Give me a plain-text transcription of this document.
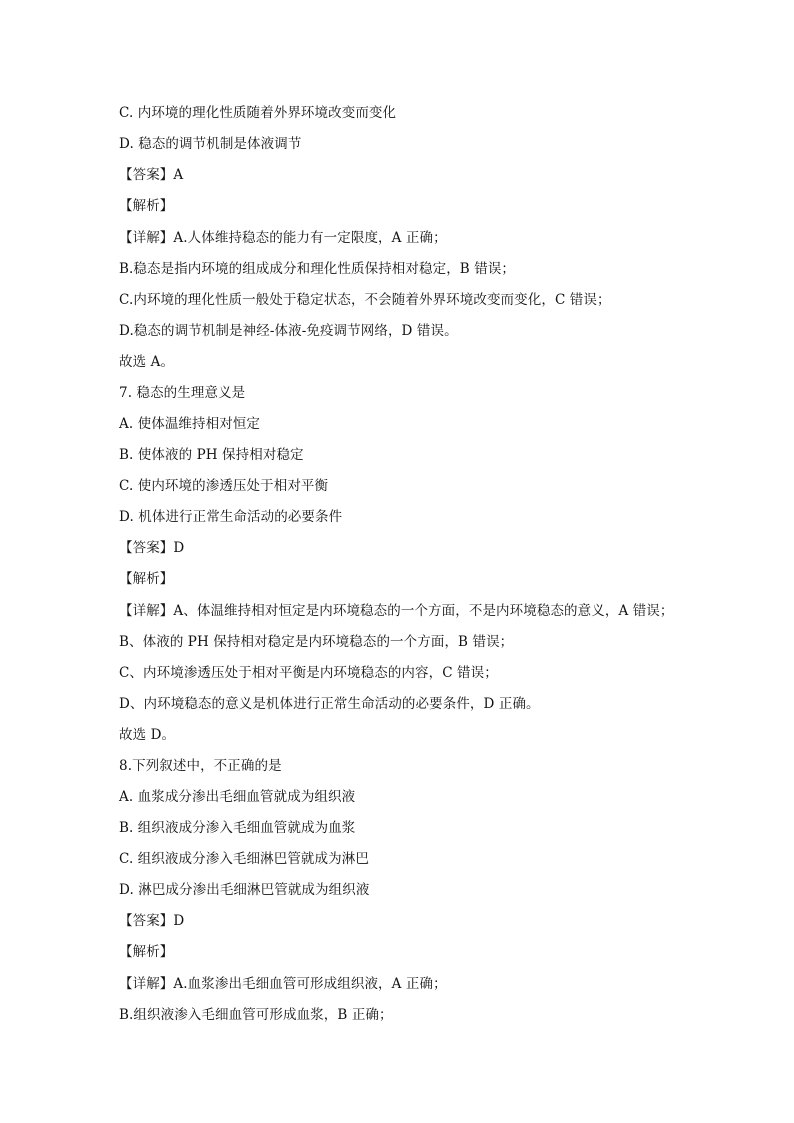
C. 内环境的理化性质随着外界环境改变而变化
D. 稳态的调节机制是体液调节
【答案】A
【解析】
【详解】A.人体维持稳态的能力有一定限度，A 正确；
B.稳态是指内环境的组成成分和理化性质保持相对稳定，B 错误；
C.内环境的理化性质一般处于稳定状态，不会随着外界环境改变而变化，C 错误；
D.稳态的调节机制是神经-体液-免疫调节网络，D 错误。
故选 A。
7. 稳态的生理意义是
A. 使体温维持相对恒定
B. 使体液的 PH 保持相对稳定
C. 使内环境的渗透压处于相对平衡
D. 机体进行正常生命活动的必要条件
【答案】D
【解析】
【详解】A、体温维持相对恒定是内环境稳态的一个方面，不是内环境稳态的意义，A 错误；
B、体液的 PH 保持相对稳定是内环境稳态的一个方面，B 错误；
C、内环境渗透压处于相对平衡是内环境稳态的内容，C 错误；
D、内环境稳态的意义是机体进行正常生命活动的必要条件，D 正确。
故选 D。
8.下列叙述中，不正确的是
A. 血浆成分渗出毛细血管就成为组织液
B. 组织液成分渗入毛细血管就成为血浆
C. 组织液成分渗入毛细淋巴管就成为淋巴
D. 淋巴成分渗出毛细淋巴管就成为组织液
【答案】D
【解析】
【详解】A.血浆渗出毛细血管可形成组织液，A 正确；
B.组织液渗入毛细血管可形成血浆，B 正确；
